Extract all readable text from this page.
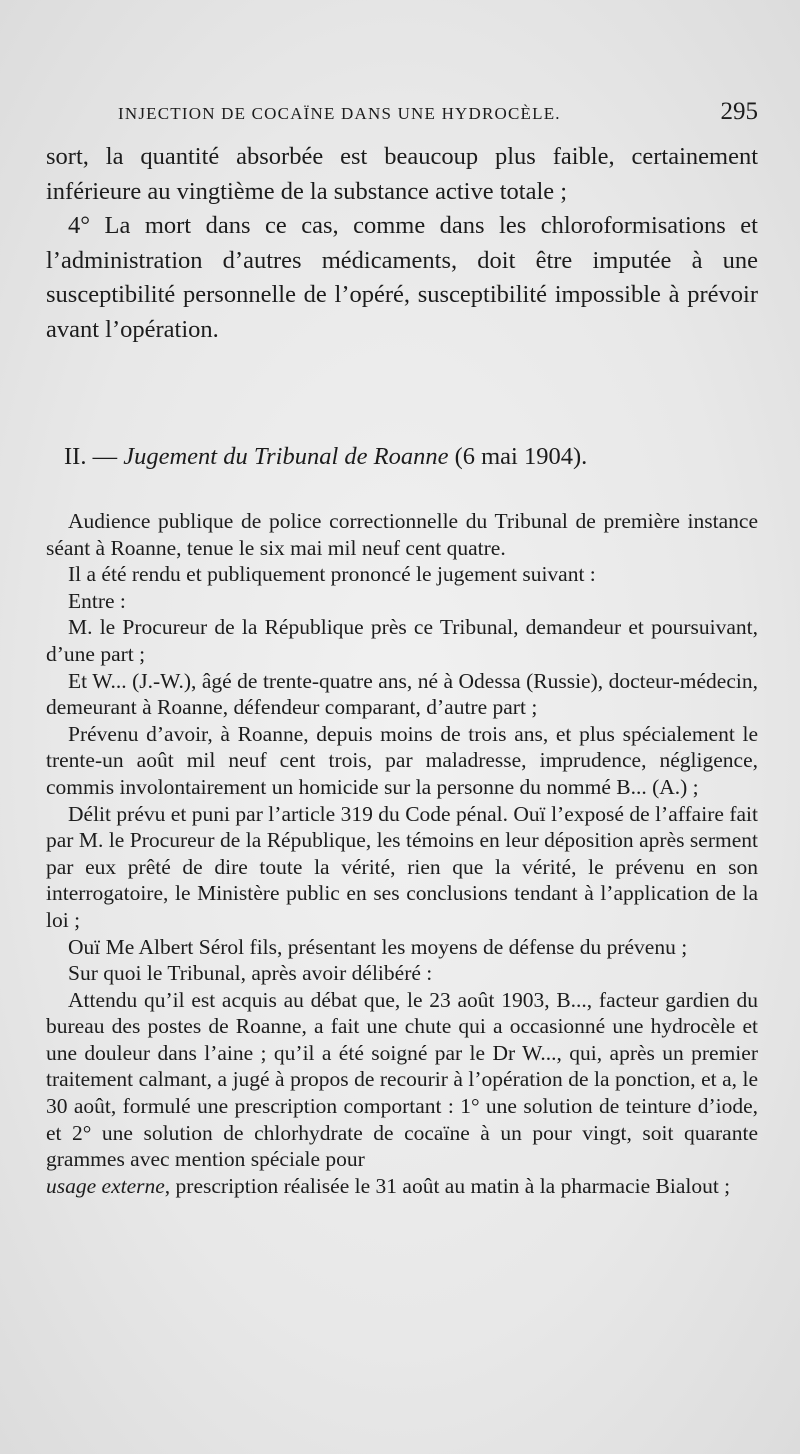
INJECTION DE COCAÏNE DANS UNE HYDROCÈLE.	295

sort, la quantité absorbée est beaucoup plus faible, certainement inférieure au vingtième de la substance active totale ;

4° La mort dans ce cas, comme dans les chloroformisations et l’administration d’autres médicaments, doit être imputée à une susceptibilité personnelle de l’opéré, susceptibilité impossible à prévoir avant l’opération.

II. — Jugement du Tribunal de Roanne (6 mai 1904).

Audience publique de police correctionnelle du Tribunal de première instance séant à Roanne, tenue le six mai mil neuf cent quatre.

Il a été rendu et publiquement prononcé le jugement suivant :

Entre :

M. le Procureur de la République près ce Tribunal, demandeur et poursuivant, d’une part ;

Et W... (J.-W.), âgé de trente-quatre ans, né à Odessa (Russie), docteur-médecin, demeurant à Roanne, défendeur comparant, d’autre part ;

Prévenu d’avoir, à Roanne, depuis moins de trois ans, et plus spécialement le trente-un août mil neuf cent trois, par maladresse, imprudence, négligence, commis involontairement un homicide sur la personne du nommé B... (A.) ;

Délit prévu et puni par l’article 319 du Code pénal. Ouï l’exposé de l’affaire fait par M. le Procureur de la République, les témoins en leur déposition après serment par eux prêté de dire toute la vérité, rien que la vérité, le prévenu en son interrogatoire, le Ministère public en ses conclusions tendant à l’application de la loi ;

Ouï Me Albert Sérol fils, présentant les moyens de défense du prévenu ;

Sur quoi le Tribunal, après avoir délibéré :

Attendu qu’il est acquis au débat que, le 23 août 1903, B..., facteur gardien du bureau des postes de Roanne, a fait une chute qui a occasionné une hydrocèle et une douleur dans l’aine ; qu’il a été soigné par le Dr W..., qui, après un premier traitement calmant, a jugé à propos de recourir à l’opération de la ponction, et a, le 30 août, formulé une prescription comportant : 1° une solution de teinture d’iode, et 2° une solution de chlorhydrate de cocaïne à un pour vingt, soit quarante grammes avec mention spéciale pour

usage externe, prescription réalisée le 31 août au matin à la pharmacie Bialout ;
